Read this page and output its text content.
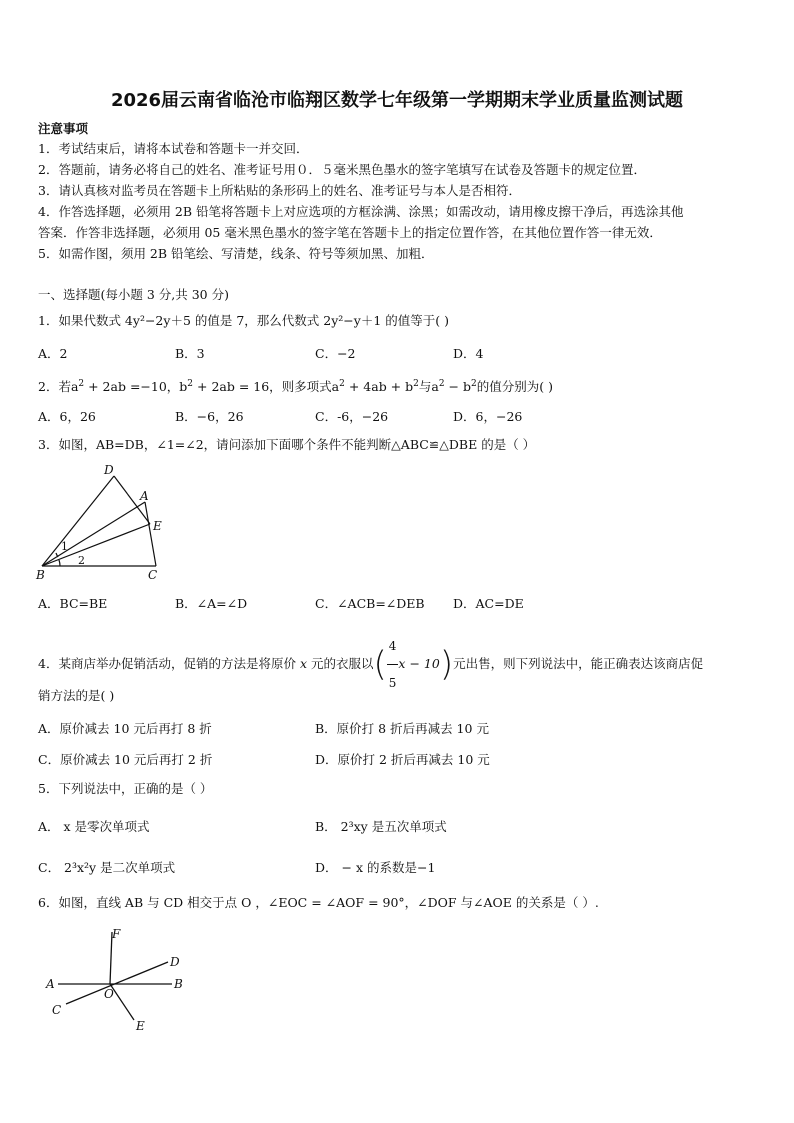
2026届云南省临沧市临翔区数学七年级第一学期期末学业质量监测试题
注意事项
1．考试结束后，请将本试卷和答题卡一并交回．
2．答题前，请务必将自己的姓名、准考证号用０．５毫米黑色墨水的签字笔填写在试卷及答题卡的规定位置．
3．请认真核对监考员在答题卡上所粘贴的条形码上的姓名、准考证号与本人是否相符．
4．作答选择题，必须用 2B 铅笔将答题卡上对应选项的方框涂满、涂黑；如需改动，请用橡皮擦干净后，再选涂其他
答案．作答非选择题，必须用 05 毫米黑色墨水的签字笔在答题卡上的指定位置作答，在其他位置作答一律无效．
5．如需作图，须用 2B 铅笔绘、写清楚，线条、符号等须加黑、加粗．
一、选择题(每小题 3 分,共 30 分)
1．如果代数式 4y²−2y＋5 的值是 7，那么代数式 2y²−y＋1 的值等于( )
A．2	B．3	C．−2	D．4
2．若$a^2 + 2ab =-10$，$b^2 + 2ab = 16$，则多项式$a^2 + 4ab + b^2$与$a^2 - b^2$的值分别为( )
A．6，26	B．−6，26	C．-6，−26	D．6，−26
3．如图，AB=DB，∠1=∠2，请问添加下面哪个条件不能判断△ABC≌△DBE 的是（ ）
D
A
E
B	C
1
2
A．BC=BE	B．∠A=∠D	C．∠ACB=∠DEB D．AC=DE
4．某商店举办促销活动，促销的方法是将原价 x 元的衣服以( $\frac{4}{5}$ x − 10)元出售，则下列说法中，能正确表达该商店促
销方法的是( )
A．原价减去 10 元后再打 8 折	B．原价打 8 折后再减去 10 元
C．原价减去 10 元后再打 2 折	D．原价打 2 折后再减去 10 元
5．下列说法中，正确的是（ ）
A． x 是零次单项式	B． 2³xy 是五次单项式
C． 2³x²y 是二次单项式	D． − x 的系数是−1
6．如图，直线 AB 与 CD 相交于点 O ，∠EOC = ∠AOF = 90°，∠DOF 与∠AOE 的关系是（ ）.
F
D
A	B
O
C
E
